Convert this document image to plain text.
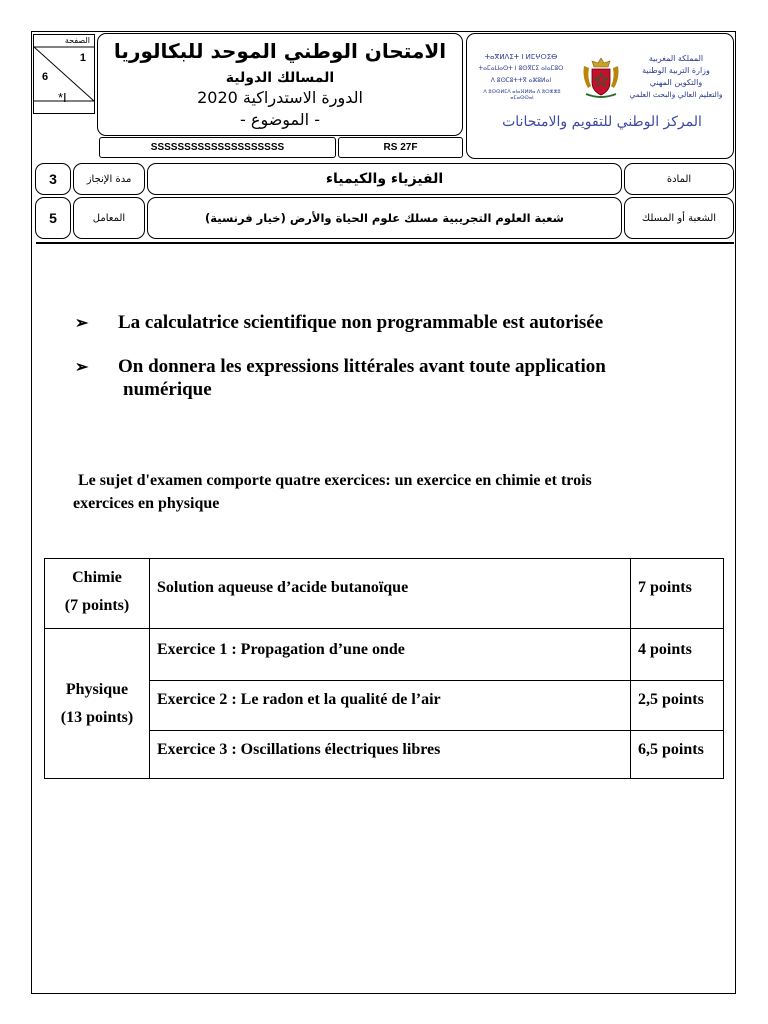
الصفحة
1
6
*I
الامتحان الوطني الموحد للبكالوريا
المسالك الدولية
الدورة الاستدراكية 2020
- الموضوع -
SSSSSSSSSSSSSSSSSSSS	RS 27F
ⵜⴰⴳⵍⴷⵉⵜ ⵏ ⵍⵎⵖⵔⵉⴱ
ⵜⴰⵎⴰⵡⴰⵙⵜ ⵏ ⵓⵙⴳⵎⵉ ⴰⵏⴰⵎⵓⵔ
ⴷ ⵓⵙⵎⵓⵜⵜⴳ ⴰⵣⵓⵍⴰⵏ
ⴷ ⵓⵙⵙⵍⵎⴷ ⴰⵏⴰⴼⵍⵍⴰ ⴷ ⵓⵔⵣⵣⵓ ⴰⵎⴰⵙⵙⴰⵏ
المملكة المغربية
وزارة التربية الوطنية
والتكوين المهني
والتعليم العالي والبحث العلمي
المركز الوطني للتقويم والامتحانات
3	مدة الإنجاز	الفيزياء والكيمياء	المادة
5	المعامل	شعبة العلوم التجريبية مسلك علوم الحياة والأرض (خيار فرنسية)	الشعبة أو المسلك
➢ La calculatrice scientifique non programmable est autorisée
➢ On donnera les expressions littérales avant toute application
numérique
Le sujet d'examen comporte quatre exercices: un exercice en chimie et trois
exercices en physique
Chimie
(7 points)	Solution aqueuse d’acide butanoïque	7 points

Physique
(13 points)	Exercice 1 : Propagation d’une onde	4 points
	Exercice 2 : Le radon et la qualité de l’air	2,5 points
	Exercice 3 : Oscillations électriques libres	6,5 points
